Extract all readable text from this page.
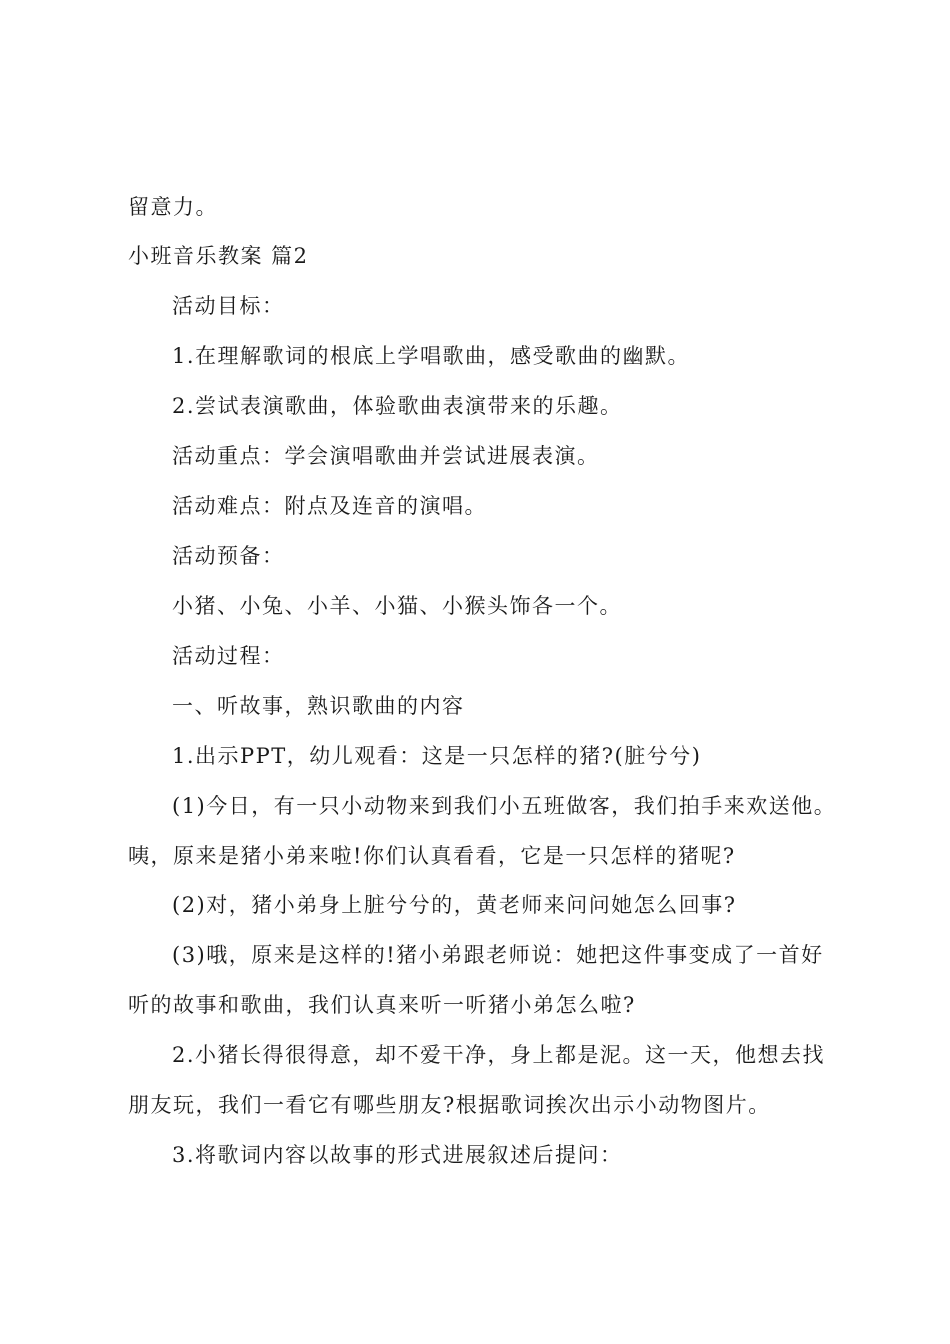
留意力。
小班音乐教案 篇2
活动目标：
1.在理解歌词的根底上学唱歌曲，感受歌曲的幽默。
2.尝试表演歌曲，体验歌曲表演带来的乐趣。
活动重点：学会演唱歌曲并尝试进展表演。
活动难点：附点及连音的演唱。
活动预备：
小猪、小兔、小羊、小猫、小猴头饰各一个。
活动过程：
一、听故事，熟识歌曲的内容
1.出示PPT，幼儿观看：这是一只怎样的猪?(脏兮兮)
(1)今日，有一只小动物来到我们小五班做客，我们拍手来欢送他。
咦，原来是猪小弟来啦!你们认真看看，它是一只怎样的猪呢?
(2)对，猪小弟身上脏兮兮的，黄老师来问问她怎么回事?
(3)哦，原来是这样的!猪小弟跟老师说：她把这件事变成了一首好
听的故事和歌曲，我们认真来听一听猪小弟怎么啦?
2.小猪长得很得意，却不爱干净，身上都是泥。这一天，他想去找
朋友玩，我们一看它有哪些朋友?根据歌词挨次出示小动物图片。
3.将歌词内容以故事的形式进展叙述后提问：
